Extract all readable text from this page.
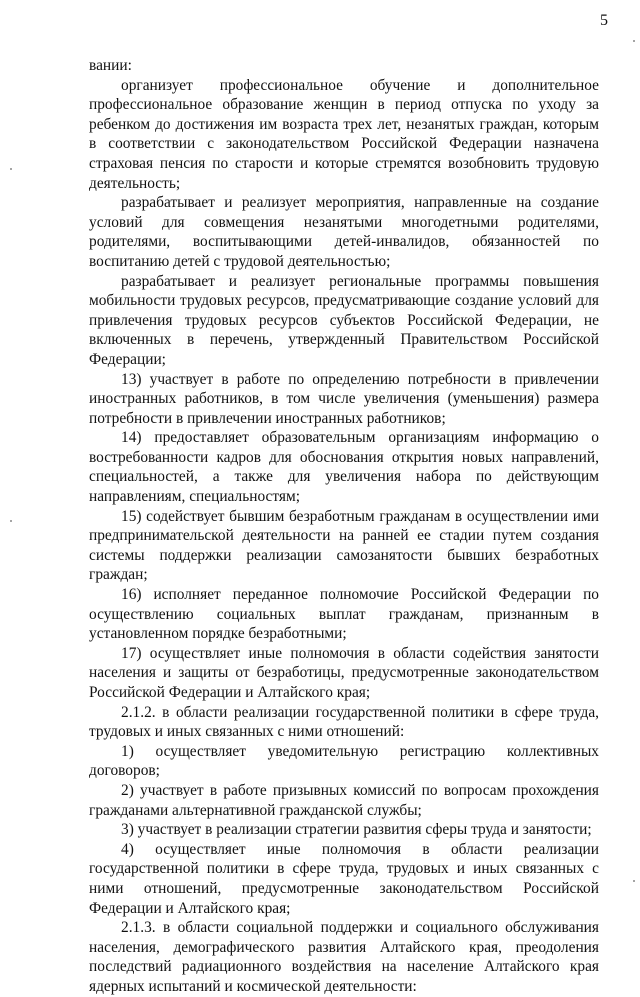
5

вании:

организует профессиональное обучение и дополнительное профессиональное образование женщин в период отпуска по уходу за ребенком до достижения им возраста трех лет, незанятых граждан, которым в соответствии с законодательством Российской Федерации назначена страховая пенсия по старости и которые стремятся возобновить трудовую деятельность;

разрабатывает и реализует мероприятия, направленные на создание условий для совмещения незанятыми многодетными родителями, родителями, воспитывающими детей-инвалидов, обязанностей по воспитанию детей с трудовой деятельностью;

разрабатывает и реализует региональные программы повышения мобильности трудовых ресурсов, предусматривающие создание условий для привлечения трудовых ресурсов субъектов Российской Федерации, не включенных в перечень, утвержденный Правительством Российской Федерации;

13) участвует в работе по определению потребности в привлечении иностранных работников, в том числе увеличения (уменьшения) размера потребности в привлечении иностранных работников;

14) предоставляет образовательным организациям информацию о востребованности кадров для обоснования открытия новых направлений, специальностей, а также для увеличения набора по действующим направлениям, специальностям;

15) содействует бывшим безработным гражданам в осуществлении ими предпринимательской деятельности на ранней ее стадии путем создания системы поддержки реализации самозанятости бывших безработных граждан;

16) исполняет переданное полномочие Российской Федерации по осуществлению социальных выплат гражданам, признанным в установленном порядке безработными;

17) осуществляет иные полномочия в области содействия занятости населения и защиты от безработицы, предусмотренные законодательством Российской Федерации и Алтайского края;

2.1.2. в области реализации государственной политики в сфере труда, трудовых и иных связанных с ними отношений:

1) осуществляет уведомительную регистрацию коллективных договоров;

2) участвует в работе призывных комиссий по вопросам прохождения гражданами альтернативной гражданской службы;

3) участвует в реализации стратегии развития сферы труда и занятости;

4) осуществляет иные полномочия в области реализации государственной политики в сфере труда, трудовых и иных связанных с ними отношений, предусмотренные законодательством Российской Федерации и Алтайского края;

2.1.3. в области социальной поддержки и социального обслуживания населения, демографического развития Алтайского края, преодоления последствий радиационного воздействия на население Алтайского края ядерных испытаний и космической деятельности:
